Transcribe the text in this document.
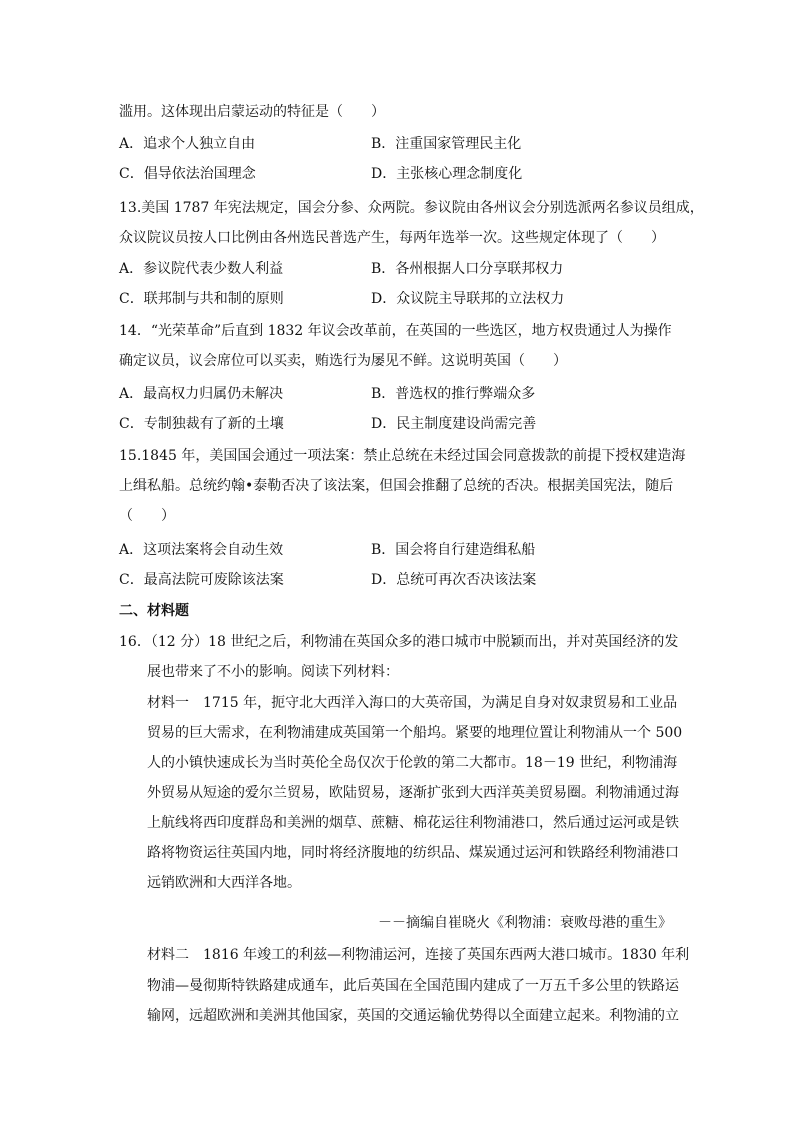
滥用。这体现出启蒙运动的特征是（　　）
A．追求个人独立自由	B．注重国家管理民主化
C．倡导依法治国理念	D．主张核心理念制度化
13.美国 1787 年宪法规定，国会分参、众两院。参议院由各州议会分别选派两名参议员组成，
众议院议员按人口比例由各州选民普选产生，每两年选举一次。这些规定体现了（　　）
A．参议院代表少数人利益	B．各州根据人口分享联邦权力
C．联邦制与共和制的原则	D．众议院主导联邦的立法权力
14．“光荣革命”后直到 1832 年议会改革前，在英国的一些选区，地方权贵通过人为操作
确定议员，议会席位可以买卖，贿选行为屡见不鲜。这说明英国（　　）
A．最高权力归属仍未解决	B．普选权的推行弊端众多
C．专制独裁有了新的土壤	D．民主制度建设尚需完善
15.1845 年，美国国会通过一项法案：禁止总统在未经过国会同意拨款的前提下授权建造海
上缉私船。总统约翰•泰勒否决了该法案，但国会推翻了总统的否决。根据美国宪法，随后
（　　）
A．这项法案将会自动生效	B．国会将自行建造缉私船
C．最高法院可废除该法案	D．总统可再次否决该法案
二、材料题
16．（12 分）18 世纪之后，利物浦在英国众多的港口城市中脱颖而出，并对英国经济的发
展也带来了不小的影响。阅读下列材料：
材料一　1715 年，扼守北大西洋入海口的大英帝国，为满足自身对奴隶贸易和工业品
贸易的巨大需求，在利物浦建成英国第一个船坞。紧要的地理位置让利物浦从一个 500
人的小镇快速成长为当时英伦全岛仅次于伦敦的第二大都市。18－19 世纪，利物浦海
外贸易从短途的爱尔兰贸易，欧陆贸易，逐渐扩张到大西洋英美贸易圈。利物浦通过海
上航线将西印度群岛和美洲的烟草、蔗糖、棉花运往利物浦港口，然后通过运河或是铁
路将物资运往英国内地，同时将经济腹地的纺织品、煤炭通过运河和铁路经利物浦港口
远销欧洲和大西洋各地。
－－摘编自崔晓火《利物浦：衰败母港的重生》
材料二　1816 年竣工的利兹—利物浦运河，连接了英国东西两大港口城市。1830 年利
物浦—曼彻斯特铁路建成通车，此后英国在全国范围内建成了一万五千多公里的铁路运
输网，远超欧洲和美洲其他国家，英国的交通运输优势得以全面建立起来。利物浦的立
